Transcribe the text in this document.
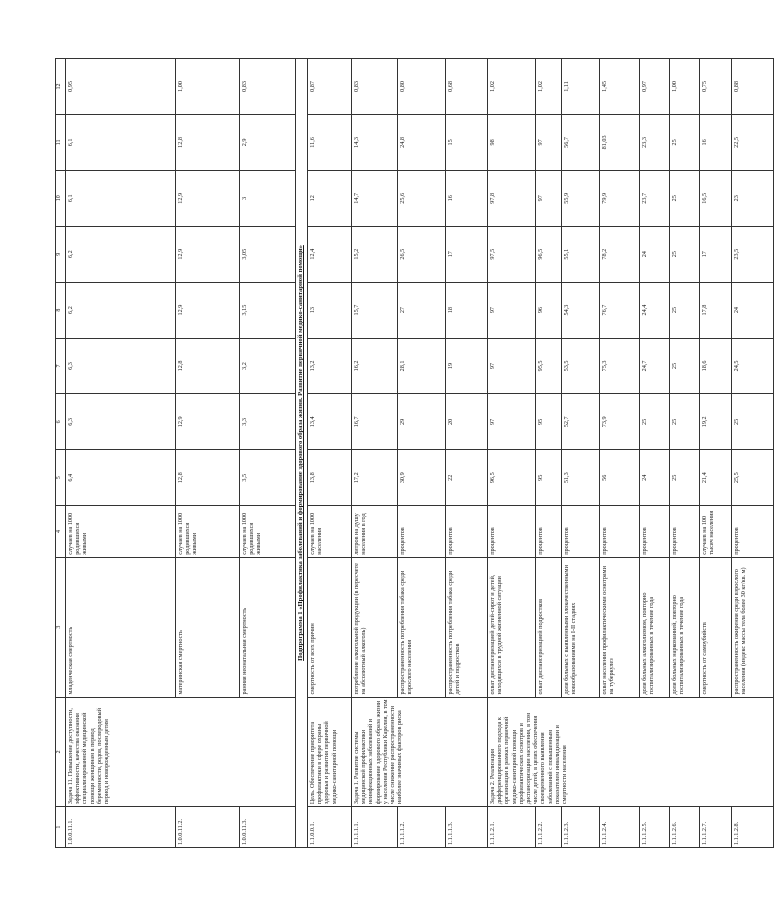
1	2	3	4	5	6	7	8	9	10	11	12
1.0.0.11.1.	Задача 11. Повышение доступности, эффективности, качества оказания специализированной медицинской помощи женщинам в период беременности, родов, послеродовый период и новорожденным детям	младенческая смертность	случаев на 1000 родившихся живыми	6,4	6,3	6,3	6,2	6,2	6,1	6,1	0,95
1.0.0.11.2.		материнская смертность	случаев на 1000 родившихся живыми	12,8	12,9	12,8	12,9	12,9	12,9	12,8	1,00
1.0.0.11.3.		ранняя неонатальная смертность	случаев на 1000 родившихся живыми	3,5	3,3	3,2	3,15	3,05	3	2,9	0,83
Подпрограмма 1 «Профилактика заболеваний и формирование здорового образа жизни. Развитие первичной медико-санитарной помощи»											
1.1.0.0.1.	Цель. Обеспечение приоритета профилактики в сфере охраны здоровья и развития первичной медико-санитарной помощи	смертность от всех причин	случаев на 1000 населения	13,8	13,4	13,2	13	12,4	12	11,6	0,87
1.1.1.1.1.	Задача 1. Развитие системы медицинской профилактики неинфекционных заболеваний и формирование здорового образа жизни у населения Республики Карелия, в том числе снижение распространенности наиболее значимых факторов риска	потребление алкогольной продукции (в пересчете на абсолютный алкоголь)	литров на душу населения в год	17,2	16,7	16,2	15,7	15,2	14,7	14,3	0,83
1.1.1.1.2.		распространенность потребления табака среди взрослого населения	процентов	30,9	29	28,1	27	26,5	25,6	24,8	0,80
1.1.1.1.3.		распространенность потребления табака среди детей и подростков	процентов	22	20	19	18	17	16	15	0,68
1.1.1.2.1.	Задача 2. Реализация дифференцированного подхода к организации в рамках первичной медико-санитарной помощи профилактических осмотров и диспансеризации населения, в том числе детей, в целях обеспечения своевременного выявления заболеваний с повышенным показателем инвалидизации и смертности населения	охват диспансеризацией детей-сирот и детей, находящихся в трудной жизненной ситуации	процентов	96,5	97	97	97	97,5	97,8	98	1,02
1.1.1.2.2.		охват диспансеризацией подростков	процентов	95	95	95,5	96	96,5	97	97	1,02
1.1.1.2.3.		доля больных с выявленными злокачественными новообразованиями на I-II стадиях	процентов	51,3	52,7	53,5	54,3	55,1	55,9	56,7	1,11
1.1.1.2.4.		охват населения профилактическими осмотрами на туберкулез	процентов	56	73,9	75,3	76,7	78,2	79,9	81,03	1,45
1.1.1.2.5.		доля больных алкоголизмом, повторно госпитализированных в течение года	процентов	24	25	24,7	24,4	24	23,7	23,3	0,97
1.1.1.2.6.		доля больных наркоманией, повторно госпитализированных в течение года	процентов	25	25	25	25	25	25	25	1,00
1.1.1.2.7.		смертность от самоубийств	случаев на 100 тысяч населения	21,4	19,2	18,6	17,8	17	16,5	16	0,75
1.1.1.2.8.		распространенность ожирения среди взрослого населения (индекс массы тела более 30 кг/кв. м)	процентов	25,5	25	24,5	24	23,5	23	22,5	0,88
